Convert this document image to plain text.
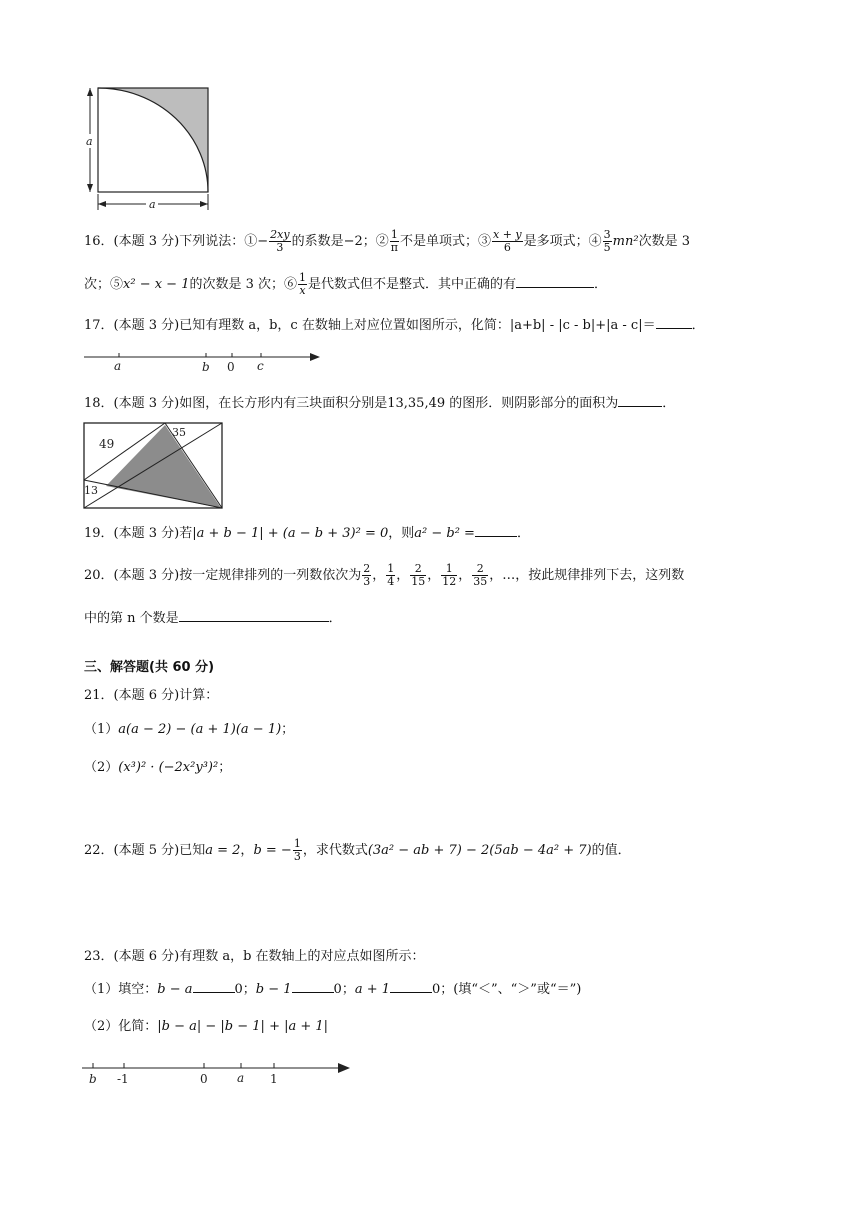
a
a
16．(本题 3 分)下列说法：①− $\frac{2xy}{3}$ 的系数是−2；② $\frac{1}{\pi}$ 不是单项式；③ $\frac{x + y}{6}$ 是多项式；④ $\frac{3}{5} mn^2$次数是 3
次；⑤x² − x − 1的次数是 3 次；⑥ $\frac{1}{x}$ 是代数式但不是整式．其中正确的有	．
17．(本题 3 分)已知有理数 a，b，c 在数轴上对应位置如图所示，化简：|a+b| - |c - b|+|a - c|＝	．
a	b 0 c
18．(本题 3 分)如图，在长方形内有三块面积分别是13,35,49 的图形．则阴影部分的面积为	．
49
35
13
19．(本题 3 分)若|a + b − 1| + (a − b + 3)² = 0，则a² − b² =	．
20．(本题 3 分)按一定规律排列的一列数依次为 $\frac{2}{3}$ ， $\frac{1}{4}$ ， $\frac{2}{15}$ ， $\frac{1}{12}$ ， $\frac{2}{35}$ ，…，按此规律排列下去，这列数
中的第 n 个数是	．
三、解答题(共 60 分)
21．(本题 6 分)计算：
（1）a(a − 2) − (a + 1)(a − 1)；
（2）(x³)² · (−2x²y³)²；
22．(本题 5 分)已知a = 2，b = − $\frac{1}{3}$ ，求代数式(3a² − ab + 7) − 2(5ab − 4a² + 7)的值．
23．(本题 6 分)有理数 a，b 在数轴上的对应点如图所示：
（1）填空：b − a	0；b − 1	0；a + 1	0；(填“＜”、“＞”或“＝”)
（2）化简：|b − a| − |b − 1| + |a + 1|
b -1	0 a 1
